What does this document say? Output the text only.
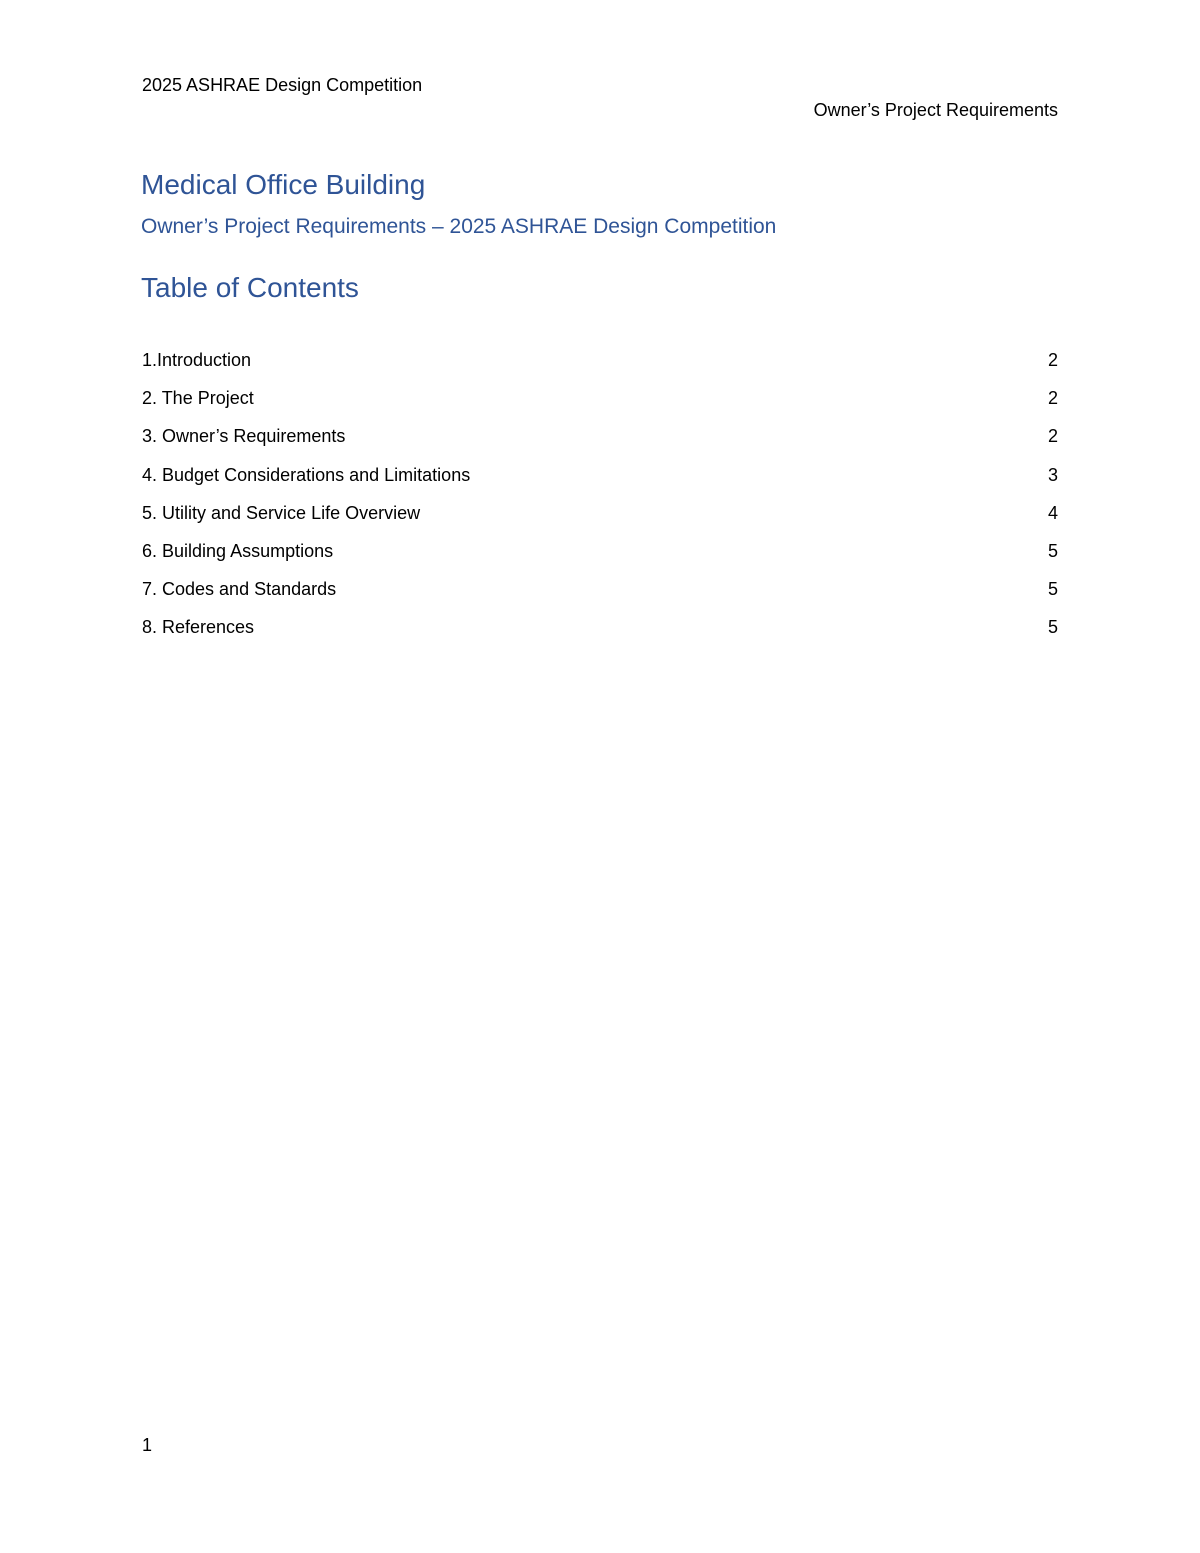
2025 ASHRAE Design Competition
Owner’s Project Requirements
Medical Office Building
Owner’s Project Requirements – 2025 ASHRAE Design Competition
Table of Contents
1.Introduction	2
2. The Project	2
3. Owner’s Requirements	2
4. Budget Considerations and Limitations	3
5. Utility and Service Life Overview	4
6. Building Assumptions	5
7. Codes and Standards	5
8. References	5
1
